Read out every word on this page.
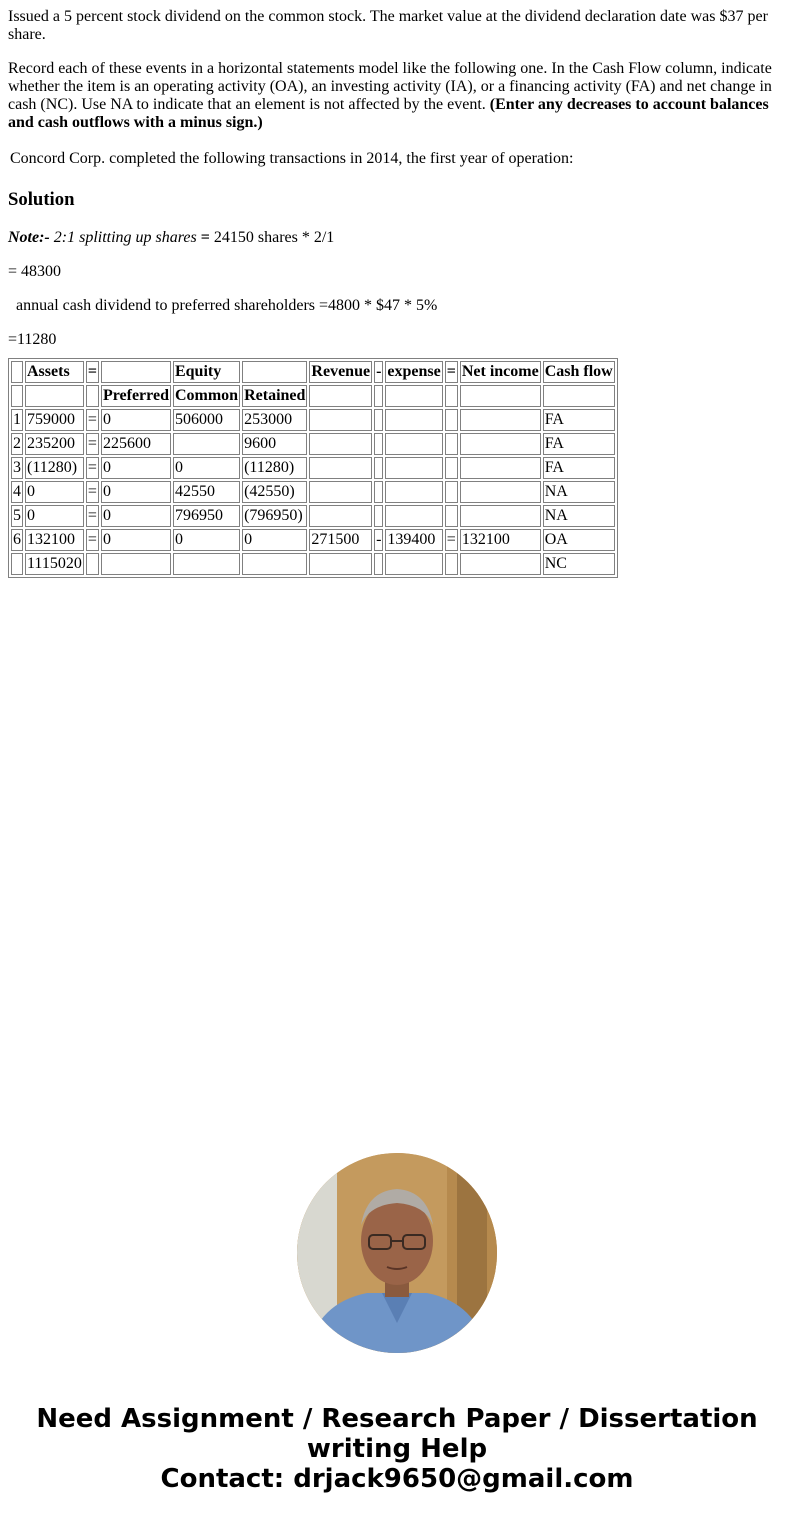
Issued a 5 percent stock dividend on the common stock. The market value at the dividend declaration date was $37 per share.

Record each of these events in a horizontal statements model like the following one. In the Cash Flow column, indicate whether the item is an operating activity (OA), an investing activity (IA), or a financing activity (FA) and net change in cash (NC). Use NA to indicate that an element is not affected by the event. (Enter any decreases to account balances and cash outflows with a minus sign.)

Concord Corp. completed the following transactions in 2014, the first year of operation:

Solution

Note:- 2:1 splitting up shares = 24150 shares * 2/1

= 48300

annual cash dividend to preferred shareholders =4800 * $47 * 5%

=11280

	Assets	=		Equity		Revenue	-	expense	=	Net income	Cash flow
			Preferred	Common	Retained						
1	759000	=	0	506000	253000						FA
2	235200	=	225600		9600						FA
3	(11280)	=	0	0	(11280)						FA
4	0	=	0	42550	(42550)						NA
5	0	=	0	796950	(796950)						NA
6	132100	=	0	0	0	271500	-	139400	=	132100	OA
	1115020										NC
Need Assignment / Research Paper / Dissertation
writing Help
Contact: drjack9650@gmail.com
